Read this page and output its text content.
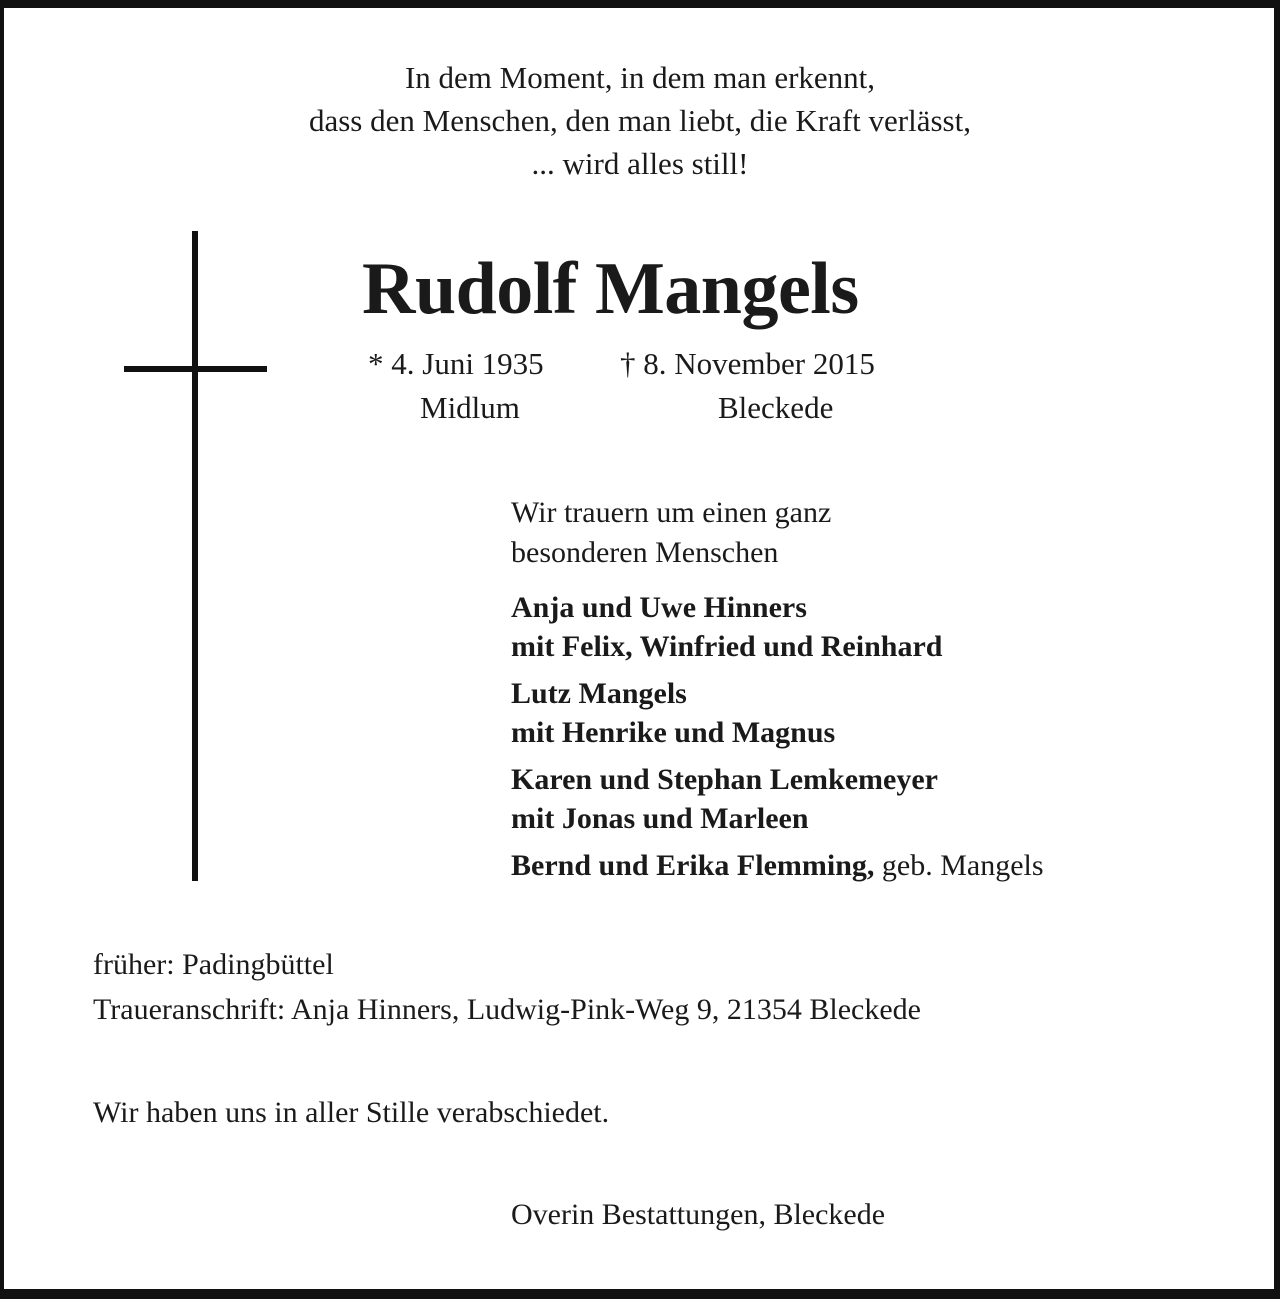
In dem Moment, in dem man erkennt,
dass den Menschen, den man liebt, die Kraft verlässt,
... wird alles still!
Rudolf Mangels
* 4. Juni 1935 † 8. November 2015
Midlum	Bleckede
Wir trauern um einen ganz
besonderen Menschen
Anja und Uwe Hinners
mit Felix, Winfried und Reinhard
Lutz Mangels
mit Henrike und Magnus
Karen und Stephan Lemkemeyer
mit Jonas und Marleen
Bernd und Erika Flemming, geb. Mangels
früher: Padingbüttel
Traueranschrift: Anja Hinners, Ludwig-Pink-Weg 9, 21354 Bleckede
Wir haben uns in aller Stille verabschiedet.
Overin Bestattungen, Bleckede
